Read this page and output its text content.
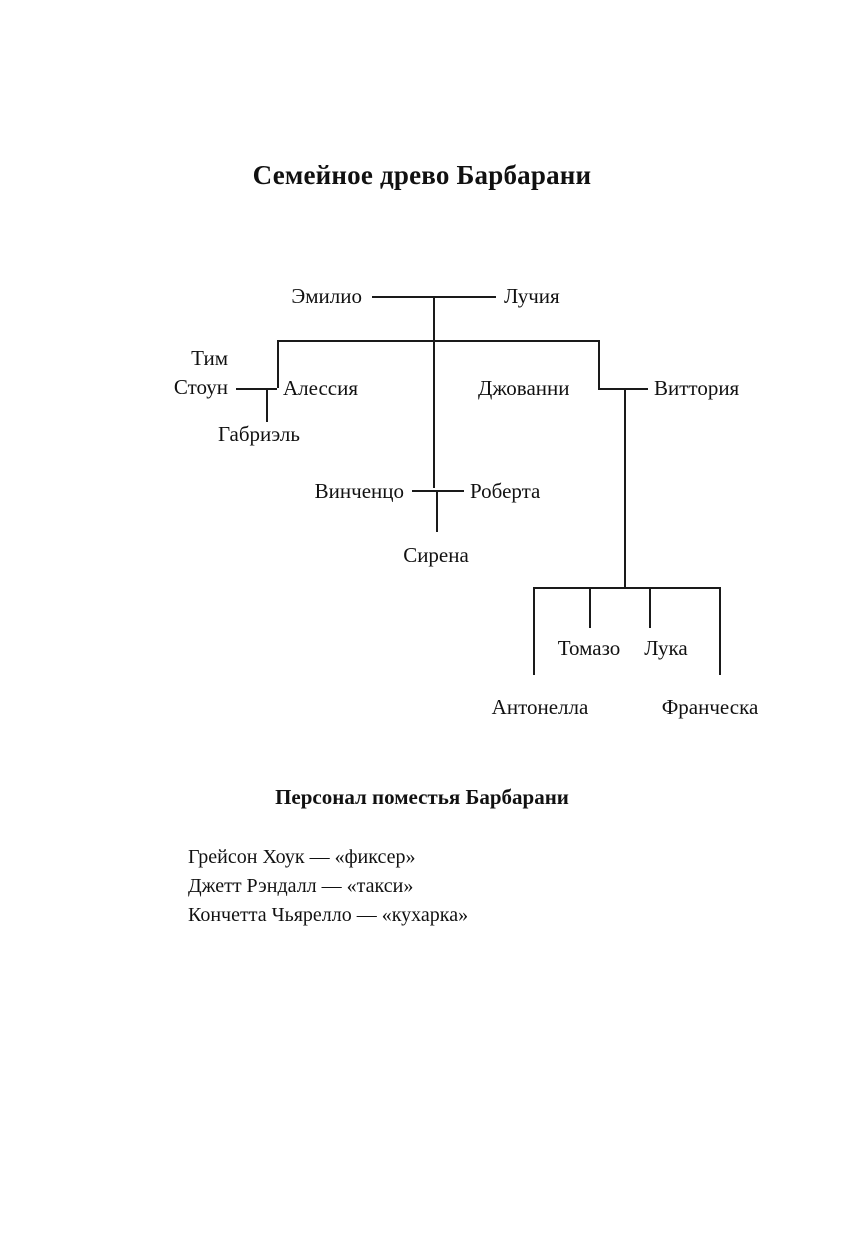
Семейное древо Барбарани
Эмилио	Лучия
Тим
Стоун	Алессия
Габриэль
Джованни	Виттория
Винченцо	Роберта
Сирена
Томазо Лука
Антонелла	Франческа
Персонал поместья Барбарани
Грейсон Хоук — «фиксер»
Джетт Рэндалл — «такси»
Кончетта Чьярелло — «кухарка»
